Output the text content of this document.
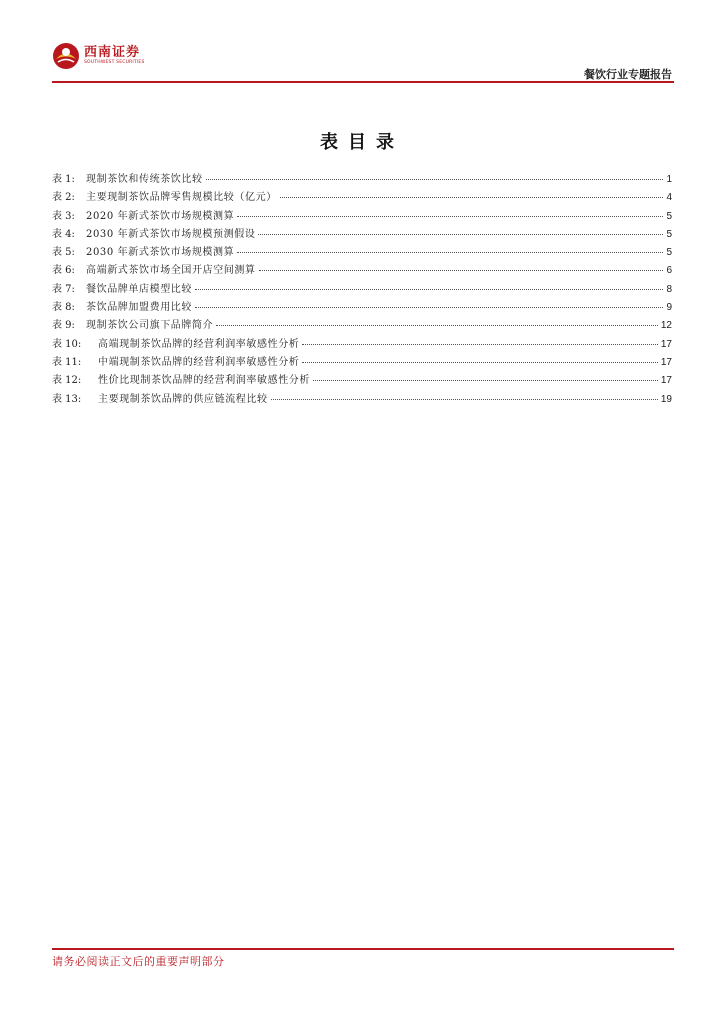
西南证券
SOUTHWEST SECURITIES
餐饮行业专题报告
表目录
表 1:	现制茶饮和传统茶饮比较	1
表 2:	主要现制茶饮品牌零售规模比较（亿元）	4
表 3:	2020 年新式茶饮市场规模测算	5
表 4:	2030 年新式茶饮市场规模预测假设	5
表 5:	2030 年新式茶饮市场规模测算	5
表 6:	高端新式茶饮市场全国开店空间测算	6
表 7:	餐饮品牌单店模型比较	8
表 8:	茶饮品牌加盟费用比较	9
表 9:	现制茶饮公司旗下品牌简介	12
表 10:	高端现制茶饮品牌的经营利润率敏感性分析	17
表 11:	中端现制茶饮品牌的经营利润率敏感性分析	17
表 12:	性价比现制茶饮品牌的经营利润率敏感性分析	17
表 13:	主要现制茶饮品牌的供应链流程比较	19
请务必阅读正文后的重要声明部分
